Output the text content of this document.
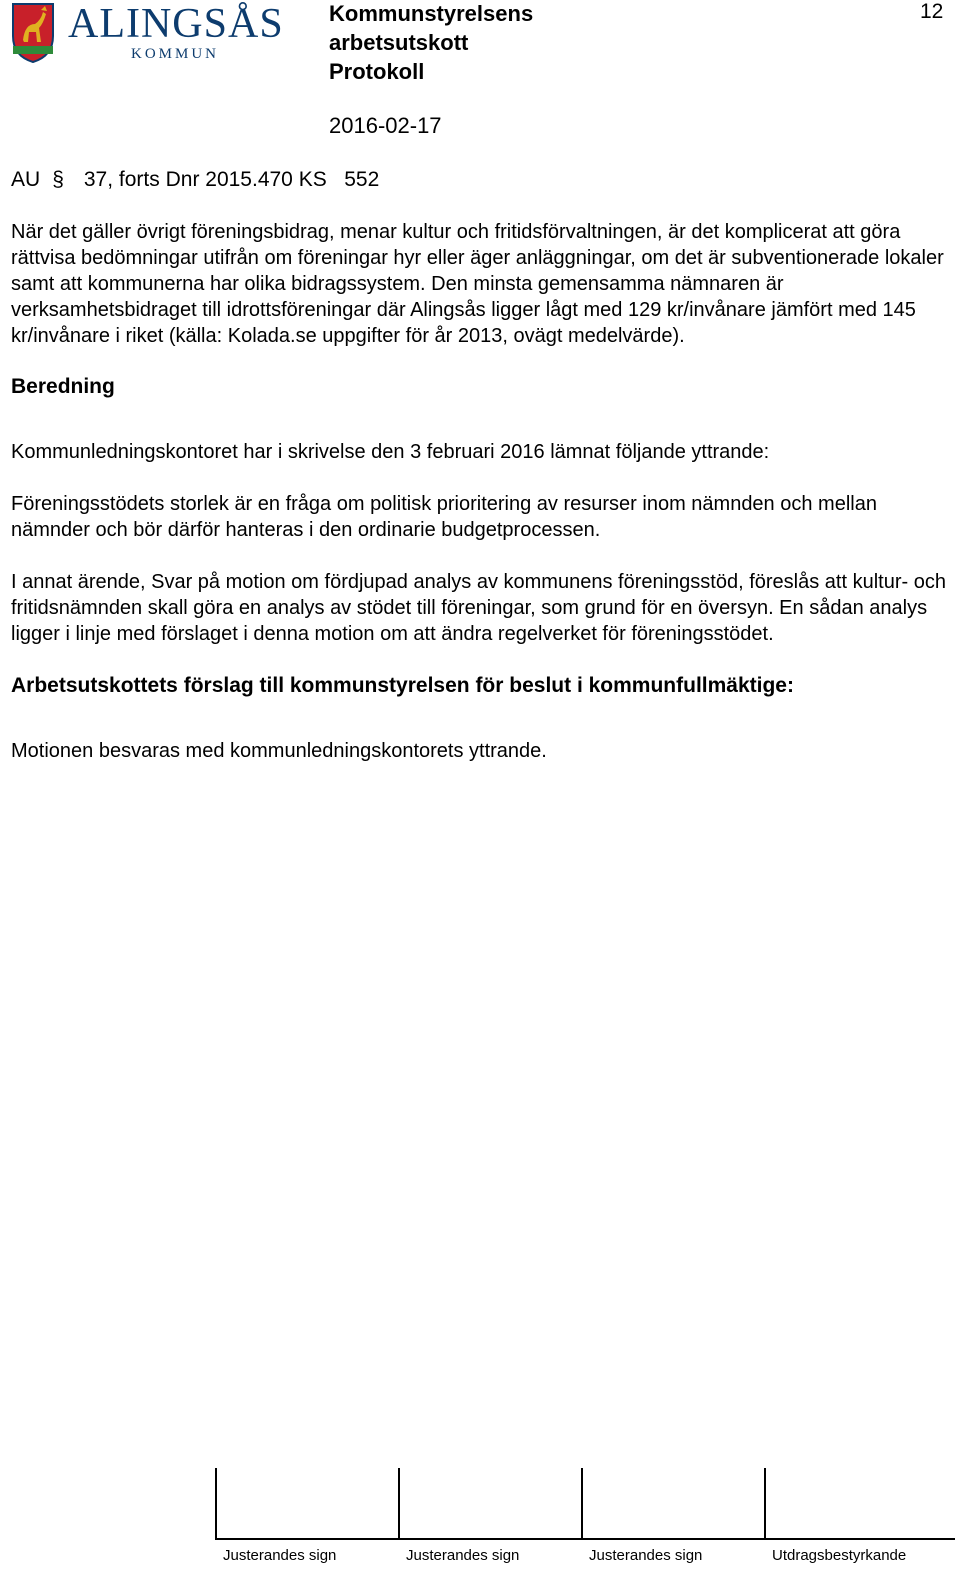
ALINGSÅS
KOMMUN
Kommunstyrelsens
arbetsutskott
Protokoll
12
2016-02-17
AU § 37, forts Dnr 2015.470 KS 552

När det gäller övrigt föreningsbidrag, menar kultur och fritidsförvaltningen, är det komplicerat att göra rättvisa bedömningar utifrån om föreningar hyr eller äger anläggningar, om det är subventionerade lokaler samt att kommunerna har olika bidragssystem. Den minsta gemensamma nämnaren är verksamhetsbidraget till idrottsföreningar där Alingsås ligger lågt med 129 kr/invånare jämfört med 145 kr/invånare i riket (källa: Kolada.se uppgifter för år 2013, ovägt medelvärde).

Beredning

Kommunledningskontoret har i skrivelse den 3 februari 2016 lämnat följande yttrande:

Föreningsstödets storlek är en fråga om politisk prioritering av resurser inom nämnden och mellan nämnder och bör därför hanteras i den ordinarie budgetprocessen.

I annat ärende, Svar på motion om fördjupad analys av kommunens föreningsstöd, föreslås att kultur- och fritidsnämnden skall göra en analys av stödet till föreningar, som grund för en översyn. En sådan analys ligger i linje med förslaget i denna motion om att ändra regelverket för föreningsstödet.

Arbetsutskottets förslag till kommunstyrelsen för beslut i kommunfullmäktige:

Motionen besvaras med kommunledningskontorets yttrande.

Justerandes sign	Justerandes sign	Justerandes sign	Utdragsbestyrkande
